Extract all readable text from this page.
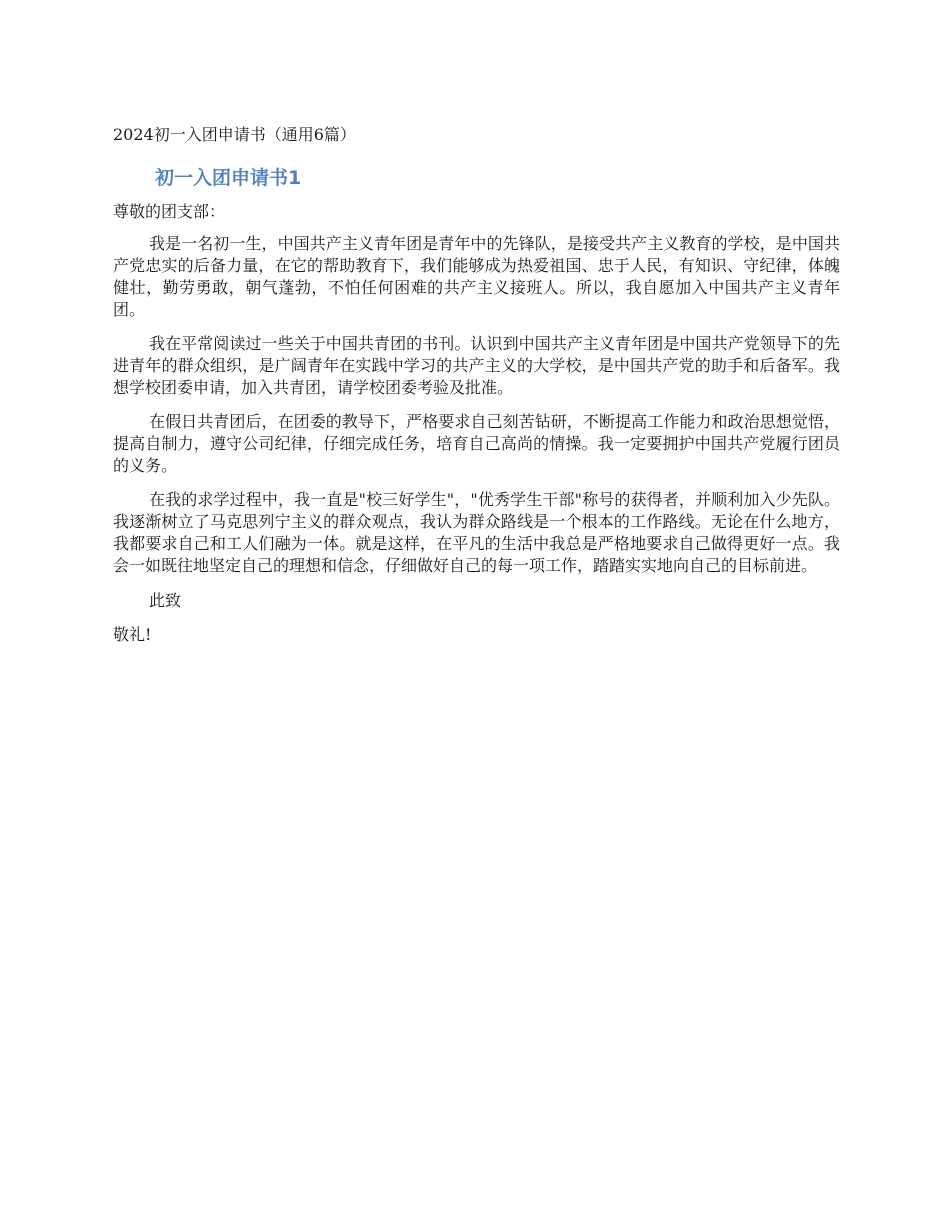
2024初一入团申请书（通用6篇）
初一入团申请书1
尊敬的团支部：

我是一名初一生，中国共产主义青年团是青年中的先锋队，是接受共产主义教育的学校，是中国共产党忠实的后备力量，在它的帮助教育下，我们能够成为热爱祖国、忠于人民，有知识、守纪律，体魄健壮，勤劳勇敢，朝气蓬勃，不怕任何困难的共产主义接班人。所以，我自愿加入中国共产主义青年团。

我在平常阅读过一些关于中国共青团的书刊。认识到中国共产主义青年团是中国共产党领导下的先进青年的群众组织，是广阔青年在实践中学习的共产主义的大学校，是中国共产党的助手和后备军。我想学校团委申请，加入共青团，请学校团委考验及批准。

在假日共青团后，在团委的教导下，严格要求自己刻苦钻研，不断提高工作能力和政治思想觉悟，提高自制力，遵守公司纪律，仔细完成任务，培育自己高尚的情操。我一定要拥护中国共产党履行团员的义务。

在我的求学过程中，我一直是"校三好学生"，"优秀学生干部"称号的获得者，并顺利加入少先队。我逐渐树立了马克思列宁主义的群众观点，我认为群众路线是一个根本的工作路线。无论在什么地方，我都要求自己和工人们融为一体。就是这样，在平凡的生活中我总是严格地要求自己做得更好一点。我会一如既往地坚定自己的理想和信念，仔细做好自己的每一项工作，踏踏实实地向自己的目标前进。

此致
敬礼!
